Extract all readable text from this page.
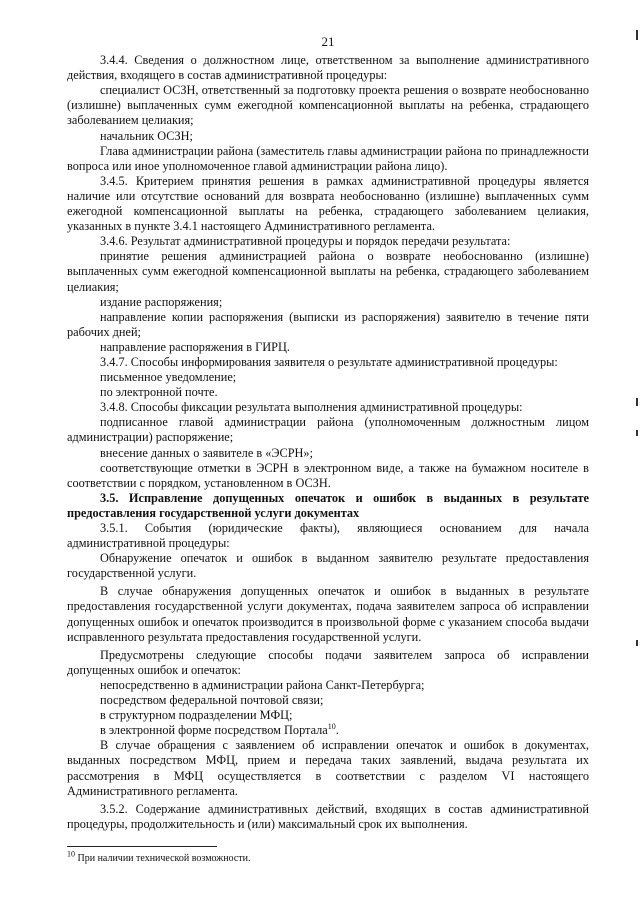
21

3.4.4. Сведения о должностном лице, ответственном за выполнение административного действия, входящего в состав административной процедуры:

специалист ОСЗН, ответственный за подготовку проекта решения о возврате необоснованно (излишне) выплаченных сумм ежегодной компенсационной выплаты на ребенка, страдающего заболеванием целиакия;

начальник ОСЗН;

Глава администрации района (заместитель главы администрации района по принадлежности вопроса или иное уполномоченное главой администрации района лицо).

3.4.5. Критерием принятия решения в рамках административной процедуры является наличие или отсутствие оснований для возврата необоснованно (излишне) выплаченных сумм ежегодной компенсационной выплаты на ребенка, страдающего заболеванием целиакия, указанных в пункте 3.4.1 настоящего Административного регламента.

3.4.6. Результат административной процедуры и порядок передачи результата:

принятие решения администрацией района о возврате необоснованно (излишне) выплаченных сумм ежегодной компенсационной выплаты на ребенка, страдающего заболеванием целиакия;

издание распоряжения;

направление копии распоряжения (выписки из распоряжения) заявителю в течение пяти рабочих дней;

направление распоряжения в ГИРЦ.

3.4.7. Способы информирования заявителя о результате административной процедуры:

письменное уведомление;

по электронной почте.

3.4.8. Способы фиксации результата выполнения административной процедуры:

подписанное главой администрации района (уполномоченным должностным лицом администрации) распоряжение;

внесение данных о заявителе в «ЭСРН»;

соответствующие отметки в ЭСРН в электронном виде, а также на бумажном носителе в соответствии с порядком, установленном в ОСЗН.

3.5. Исправление допущенных опечаток и ошибок в выданных в результате предоставления государственной услуги документах

3.5.1. События (юридические факты), являющиеся основанием для начала административной процедуры:

Обнаружение опечаток и ошибок в выданном заявителю результате предоставления государственной услуги.

В случае обнаружения допущенных опечаток и ошибок в выданных в результате предоставления государственной услуги документах, подача заявителем запроса об исправлении допущенных ошибок и опечаток производится в произвольной форме с указанием способа выдачи исправленного результата предоставления государственной услуги.

Предусмотрены следующие способы подачи заявителем запроса об исправлении допущенных ошибок и опечаток:

непосредственно в администрации района Санкт-Петербурга;

посредством федеральной почтовой связи;

в структурном подразделении МФЦ;

в электронной форме посредством Портала$^{10}$.

В случае обращения с заявлением об исправлении опечаток и ошибок в документах, выданных посредством МФЦ, прием и передача таких заявлений, выдача результата их рассмотрения в МФЦ осуществляется в соответствии с разделом VI настоящего Административного регламента.

3.5.2. Содержание административных действий, входящих в состав административной процедуры, продолжительность и (или) максимальный срок их выполнения.

$^{10}$ При наличии технической возможности.
